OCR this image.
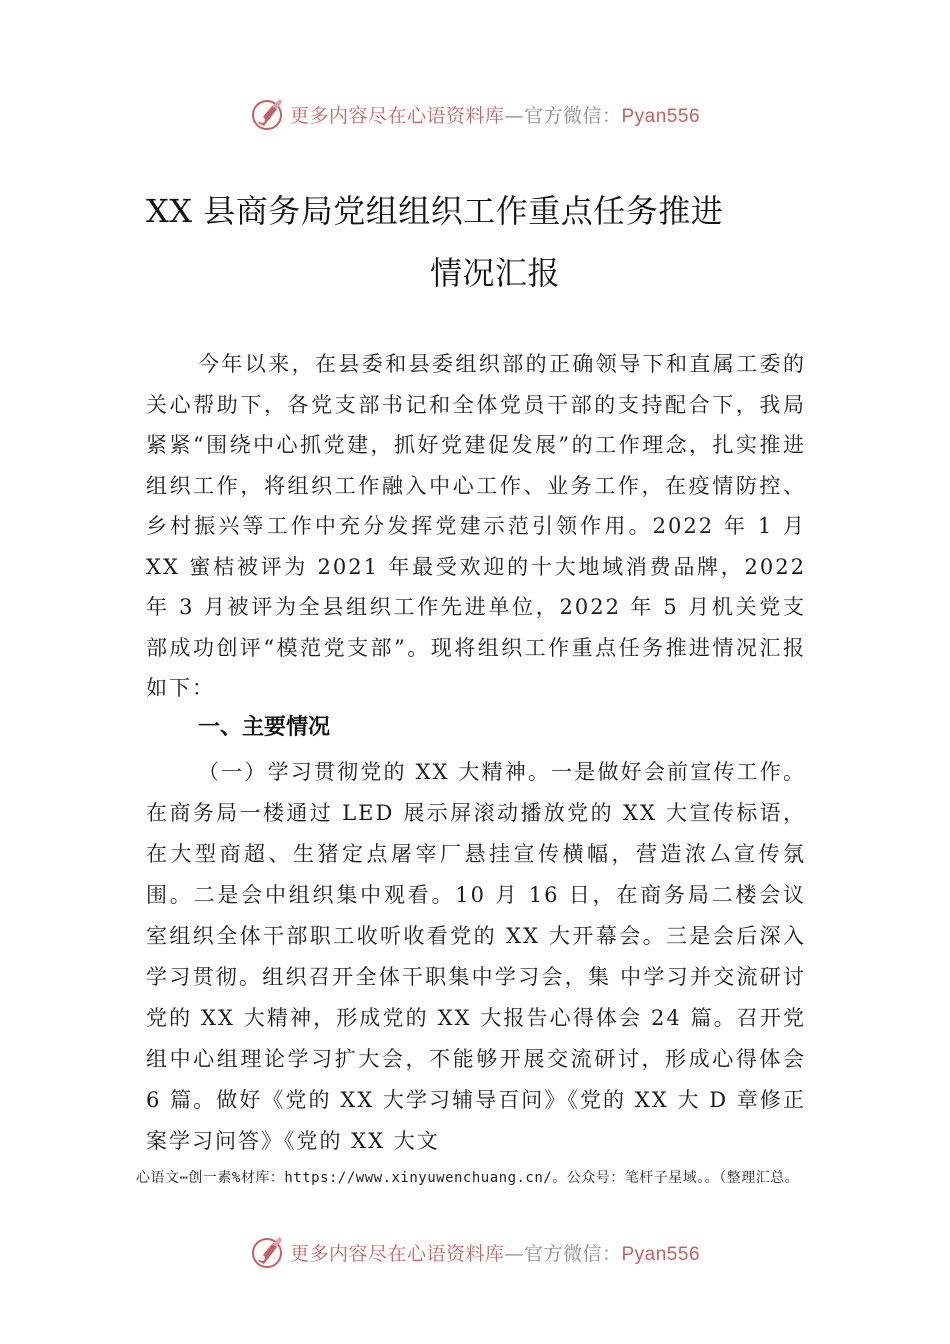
更多内容尽在心语资料库—官方微信：Pyan556
XX 县商务局党组组织工作重点任务推进
情况汇报
今年以来，在县委和县委组织部的正确领导下和直属工委的关心帮助下，各党支部书记和全体党员干部的支持配合下，我局紧紧“围绕中心抓党建，抓好党建促发展”的工作理念，扎实推进组织工作，将组织工作融入中心工作、业务工作，在疫情防控、乡村振兴等工作中充分发挥党建示范引领作用。2022 年 1 月 XX 蜜桔被评为 2021 年最受欢迎的十大地域消费品牌，2022 年 3 月被评为全县组织工作先进单位，2022 年 5 月机关党支部成功创评“模范党支部”。现将组织工作重点任务推进情况汇报如下：
一、主要情况
（一）学习贯彻党的 XX 大精神。一是做好会前宣传工作。在商务局一楼通过 LED 展示屏滚动播放党的 XX 大宣传标语，在大型商超、生猪定点屠宰厂悬挂宣传横幅，营造浓厶宣传氛围。二是会中组织集中观看。10 月 16 日，在商务局二楼会议室组织全体干部职工收听收看党的 XX 大开幕会。三是会后深入学习贯彻。组织召开全体干职集中学习会，集 中学习并交流研讨党的 XX 大精神，形成党的 XX 大报告心得体会 24 篇。召开党组中心组理论学习扩大会，不能够开展交流研讨，形成心得体会 6 篇。做好《党的 XX 大学习辅导百问》《党的 XX 大 D 章修正案学习问答》《党的 XX 大文
心语文⋯创一素%材库：https://www.xinyuwenchuang.cn/。公众号：笔杆子星域。。（整理汇总。
更多内容尽在心语资料库—官方微信：Pyan556
